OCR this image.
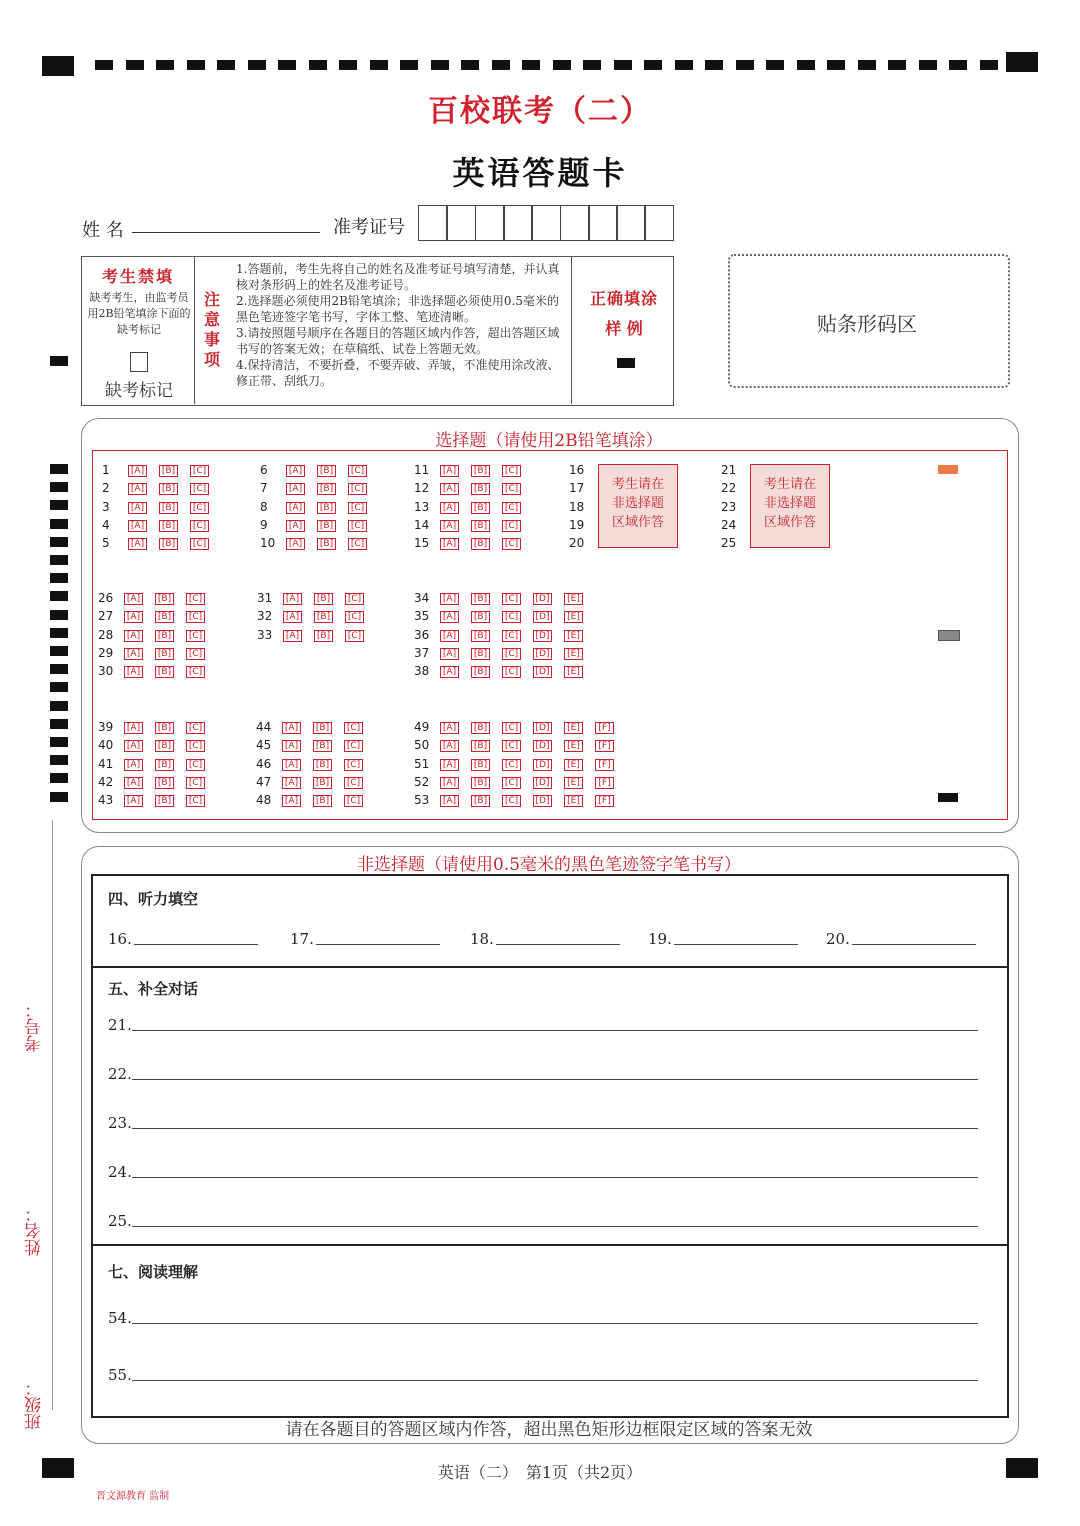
百校联考（二）
英语答题卡
姓 名	准考证号
考生禁填
缺考考生，由监考员用2B铅笔填涂下面的缺考标记
缺考标记
注意事项
1.答题前，考生先将自己的姓名及准考证号填写清楚，并认真核对条形码上的姓名及准考证号。
2.选择题必须使用2B铅笔填涂；非选择题必须使用0.5毫米的黑色笔迹签字笔书写，字体工整、笔迹清晰。
3.请按照题号顺序在各题目的答题区域内作答，超出答题区域书写的答案无效；在草稿纸、试卷上答题无效。
4.保持清洁，不要折叠，不要弄破、弄皱，不准使用涂改液、修正带、刮纸刀。
正确填涂
样 例	贴条形码区
选择题（请使用2B铅笔填涂）
1	[A]	[B]	[C]
2	[A]	[B]	[C]
3	[A]	[B]	[C]
4	[A]	[B]	[C]
5	[A]	[B]	[C]
6	[A]	[B]	[C]
7	[A]	[B]	[C]
8	[A]	[B]	[C]
9	[A]	[B]	[C]
10	[A]	[B]	[C]
11	[A]	[B]	[C]
12	[A]	[B]	[C]
13	[A]	[B]	[C]
14	[A]	[B]	[C]
15	[A]	[B]	[C]
26	[A]	[B]	[C]
27	[A]	[B]	[C]
28	[A]	[B]	[C]
29	[A]	[B]	[C]
30	[A]	[B]	[C]
31	[A]	[B]	[C]
32	[A]	[B]	[C]
33	[A]	[B]	[C]
34	[A]	[B]	[C]	[D]	[E]
35	[A]	[B]	[C]	[D]	[E]
36	[A]	[B]	[C]	[D]	[E]
37	[A]	[B]	[C]	[D]	[E]
38	[A]	[B]	[C]	[D]	[E]
39	[A]	[B]	[C]
40	[A]	[B]	[C]
41	[A]	[B]	[C]
42	[A]	[B]	[C]
43	[A]	[B]	[C]
44	[A]	[B]	[C]
45	[A]	[B]	[C]
46	[A]	[B]	[C]
47	[A]	[B]	[C]
48	[A]	[B]	[C]
49	[A]	[B]	[C]	[D]	[E]	[F]
50	[A]	[B]	[C]	[D]	[E]	[F]
51	[A]	[B]	[C]	[D]	[E]	[F]
52	[A]	[B]	[C]	[D]	[E]	[F]
53	[A]	[B]	[C]	[D]	[E]	[F]
16
17
18
19
20
21
22
23
24
25
考生请在
非选择题
区域作答
考生请在
非选择题
区域作答
非选择题（请使用0.5毫米的黑色笔迹签字笔书写）
四、听力填空
16.	17.	18.	19.	20.
五、补全对话
21.
22.
23.
24.
25.
七、阅读理解
54.
55.
请在各题目的答题区域内作答，超出黑色矩形边框限定区域的答案无效
考号：
姓名：
班级：
英语（二）　第1页（共2页）
晋文源教育 监制
